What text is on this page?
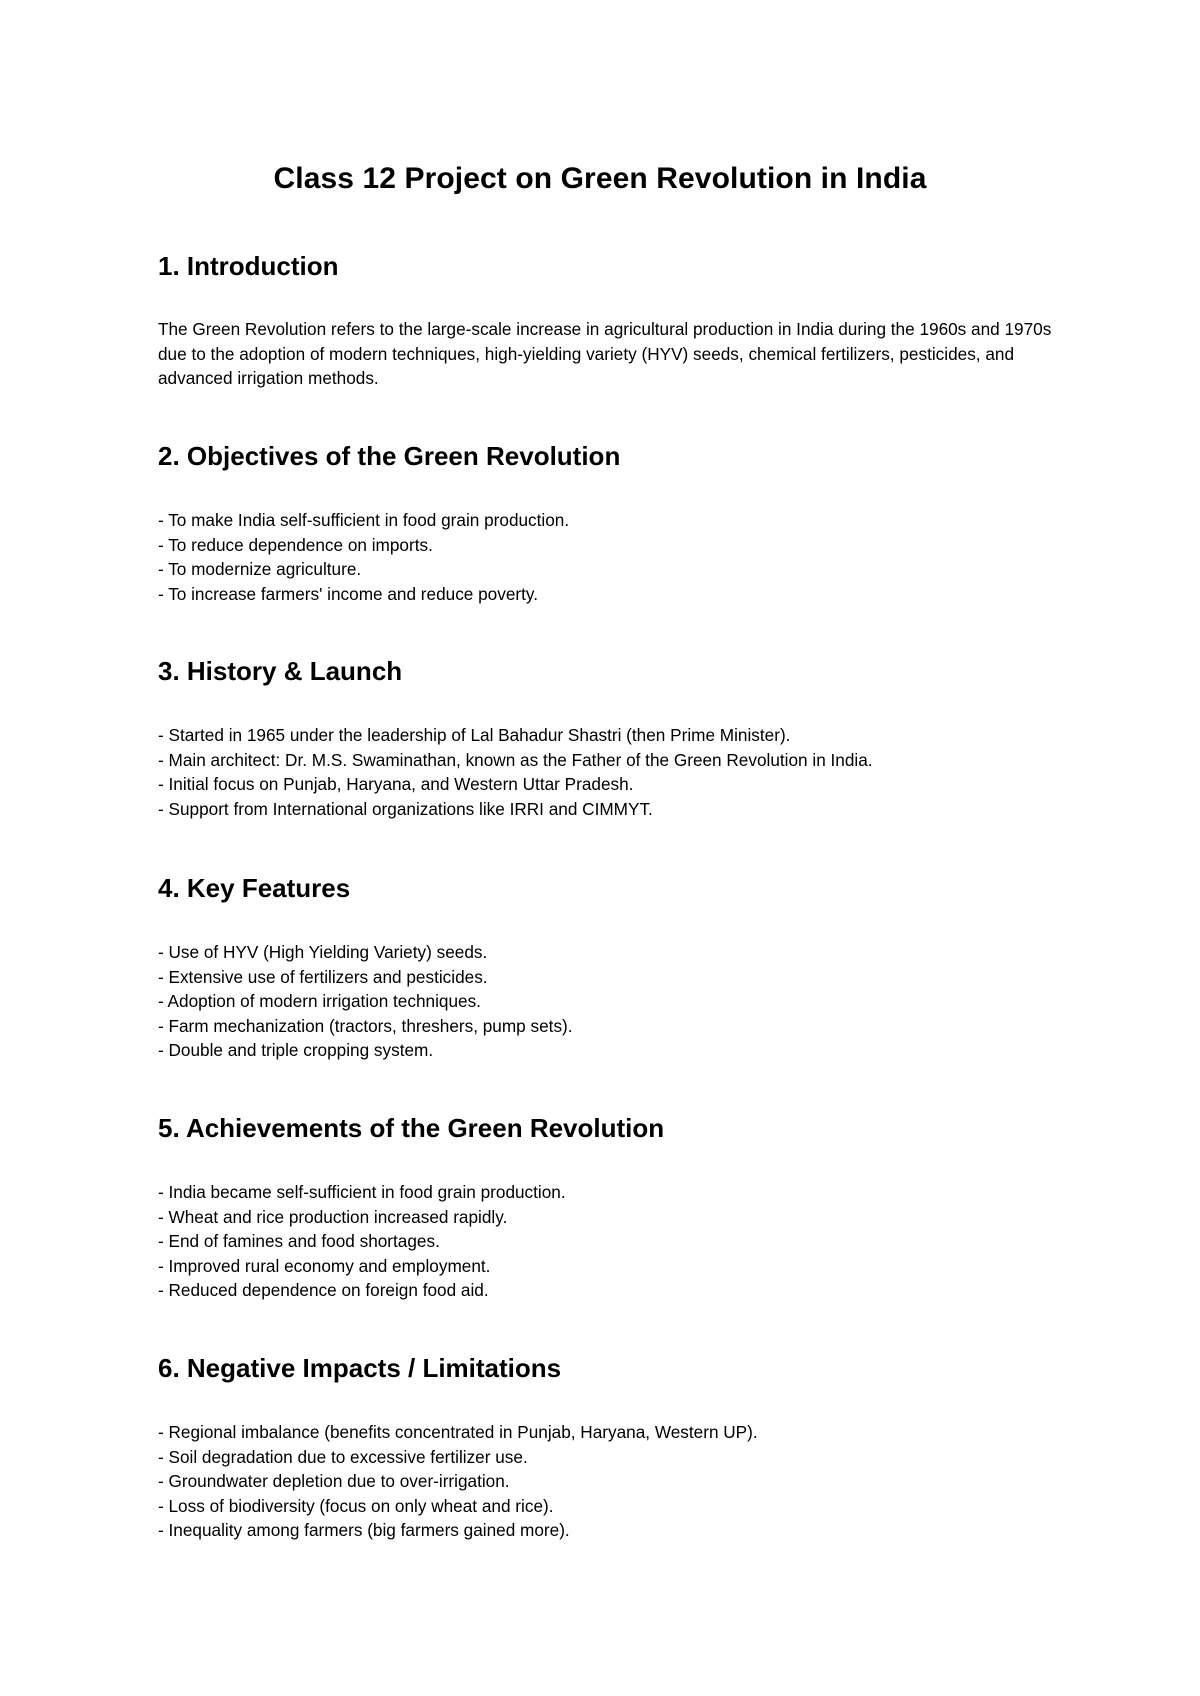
Class 12 Project on Green Revolution in India
1. Introduction

The Green Revolution refers to the large-scale increase in agricultural production in India during the 1960s and 1970s due to the adoption of modern techniques, high-yielding variety (HYV) seeds, chemical fertilizers, pesticides, and advanced irrigation methods.

2. Objectives of the Green Revolution
- To make India self-sufficient in food grain production.
- To reduce dependence on imports.
- To modernize agriculture.
- To increase farmers' income and reduce poverty.
3. History & Launch
- Started in 1965 under the leadership of Lal Bahadur Shastri (then Prime Minister).
- Main architect: Dr. M.S. Swaminathan, known as the Father of the Green Revolution in India.
- Initial focus on Punjab, Haryana, and Western Uttar Pradesh.
- Support from International organizations like IRRI and CIMMYT.
4. Key Features
- Use of HYV (High Yielding Variety) seeds.
- Extensive use of fertilizers and pesticides.
- Adoption of modern irrigation techniques.
- Farm mechanization (tractors, threshers, pump sets).
- Double and triple cropping system.
5. Achievements of the Green Revolution
- India became self-sufficient in food grain production.
- Wheat and rice production increased rapidly.
- End of famines and food shortages.
- Improved rural economy and employment.
- Reduced dependence on foreign food aid.
6. Negative Impacts / Limitations
- Regional imbalance (benefits concentrated in Punjab, Haryana, Western UP).
- Soil degradation due to excessive fertilizer use.
- Groundwater depletion due to over-irrigation.
- Loss of biodiversity (focus on only wheat and rice).
- Inequality among farmers (big farmers gained more).
